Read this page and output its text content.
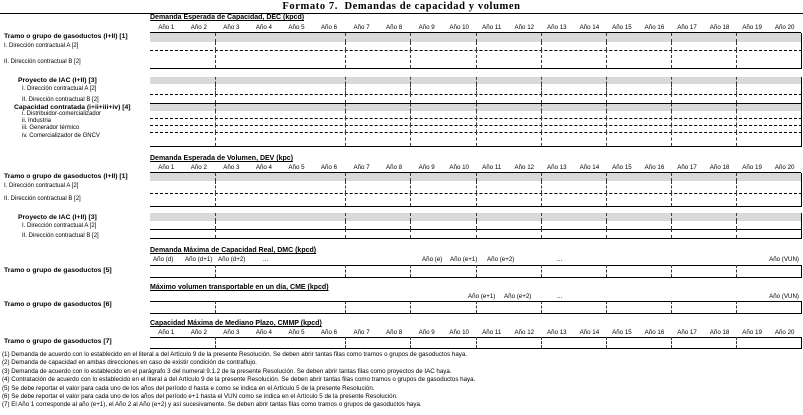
Formato 7.  Demandas de capacidad y volumen
Demanda Esperada de Capacidad, DEC (kpcd)
Año 1	Año 2	Año 3	Año 4	Año 5	Año 6	Año 7	Año 8	Año 9	Año 10	Año 11	Año 12	Año 13	Año 14	Año 15	Año 16	Año 17	Año 18	Año 19	Año 20
Tramo o grupo de gasoductos (I+II) [1]
I. Dirección contractual A [2]
II. Dirección contractual B [2]
Proyecto de IAC (I+II) [3]
I. Dirección contractual A [2]
II. Dirección contractual B [2]
Capacidad contratada (i+ii+iii+iv) [4]
i. Distribuidor-comercializador
ii. Industria
iii. Generador térmico
iv. Comercializador de GNCV
Demanda Esperada de Volumen, DEV (kpc)
Año 1	Año 2	Año 3	Año 4	Año 5	Año 6	Año 7	Año 8	Año 9	Año 10	Año 11	Año 12	Año 13	Año 14	Año 15	Año 16	Año 17	Año 18	Año 19	Año 20
Tramo o grupo de gasoductos (I+II) [1]
I. Dirección contractual A [2]
II. Dirección contractual B [2]
Proyecto de IAC (I+II) [3]
I. Dirección contractual A [2]
II. Dirección contractual B [2]
Demanda Máxima de Capacidad Real, DMC (kpcd)
Año (d) Año (d+1) Año (d+2)	...	Año (e) Año (e+1) Año (e+2)	...	Año (VUN)
Tramo o grupo de gasoductos [5]
Máximo volumen transportable en un día, CME (kpcd)
Año (e+1) Año (e+2)	...	Año (VUN)
Tramo o grupo de gasoductos [6]
Capacidad Máxima de Mediano Plazo, CMMP (kpcd)
Año 1	Año 2	Año 3	Año 4	Año 5	Año 6	Año 7	Año 8	Año 9	Año 10	Año 11	Año 12	Año 13	Año 14	Año 15	Año 16	Año 17	Año 18	Año 19	Año 20
Tramo o grupo de gasoductos [7]
(1) Demanda de acuerdo con lo establecido en el literal a del Artículo 9 de la presente Resolución. Se deben abrir tantas filas como tramos o grupos de gasoductos haya.
(2) Demanda de capacidad en ambas direcciones en caso de existir condición de contraflujo.
(3) Demanda de acuerdo con lo establecido en el parágrafo 3 del numeral 9.1.2 de la presente Resolución. Se deben abrir tantas filas como proyectos de IAC haya.
(4) Contratación de acuerdo con lo establecido en el literal a del Artículo 9 de la presente Resolución. Se deben abrir tantas filas como tramos o grupos de gasoductos haya.
(5) Se debe reportar el valor para cada uno de los años del período d hasta e como se indica en el Artículo 5 de la presente Resolución.
(6) Se debe reportar el valor para cada uno de los años del período e+1 hasta el VUN como se indica en el Artículo 5 de la presente Resolución.
(7) El Año 1 corresponde al año (e+1), el Año 2 al Año (e+2) y así sucesivamente. Se deben abrir tantas filas como tramos o grupos de gasoductos haya.
